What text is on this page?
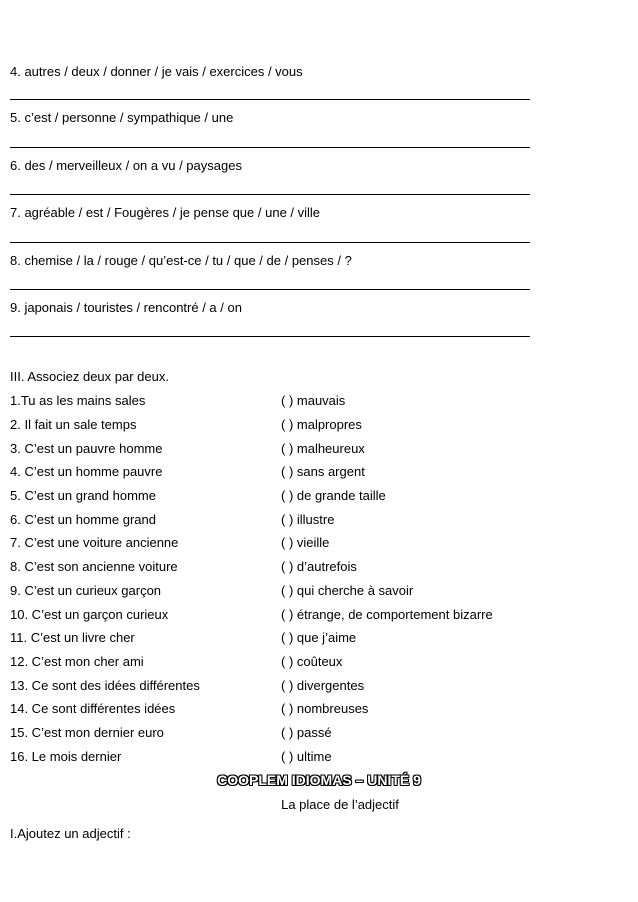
4. autres / deux / donner / je vais / exercices / vous
5. c’est / personne / sympathique / une
6. des / merveilleux / on a vu / paysages
7. agréable / est / Fougères / je pense que / une / ville
8. chemise / la / rouge / qu’est-ce / tu / que / de / penses / ?
9. japonais / touristes / rencontré / a / on
III. Associez deux par deux.
1.Tu as les mains sales	( ) mauvais
2. Il fait un sale temps	( ) malpropres
3. C’est un pauvre homme	( ) malheureux
4. C’est un homme pauvre	( ) sans argent
5. C’est un grand homme	( ) de grande taille
6. C’est un homme grand	( ) illustre
7. C’est une voiture ancienne	( ) vieille
8. C’est son ancienne voiture	( ) d’autrefois
9. C’est un curieux garçon	( ) qui cherche à savoir
10. C’est un garçon curieux	( ) étrange, de comportement bizarre
11. C’est un livre cher	( ) que j’aime
12. C’est mon cher ami	( ) coûteux
13. Ce sont des idées différentes	( ) divergentes
14. Ce sont différentes idées	( ) nombreuses
15. C’est mon dernier euro	( ) passé
16. Le mois dernier	( ) ultime
COOPLEM IDIOMAS – UNITÉ 9
La place de l’adjectif
I.Ajoutez un adjectif :
